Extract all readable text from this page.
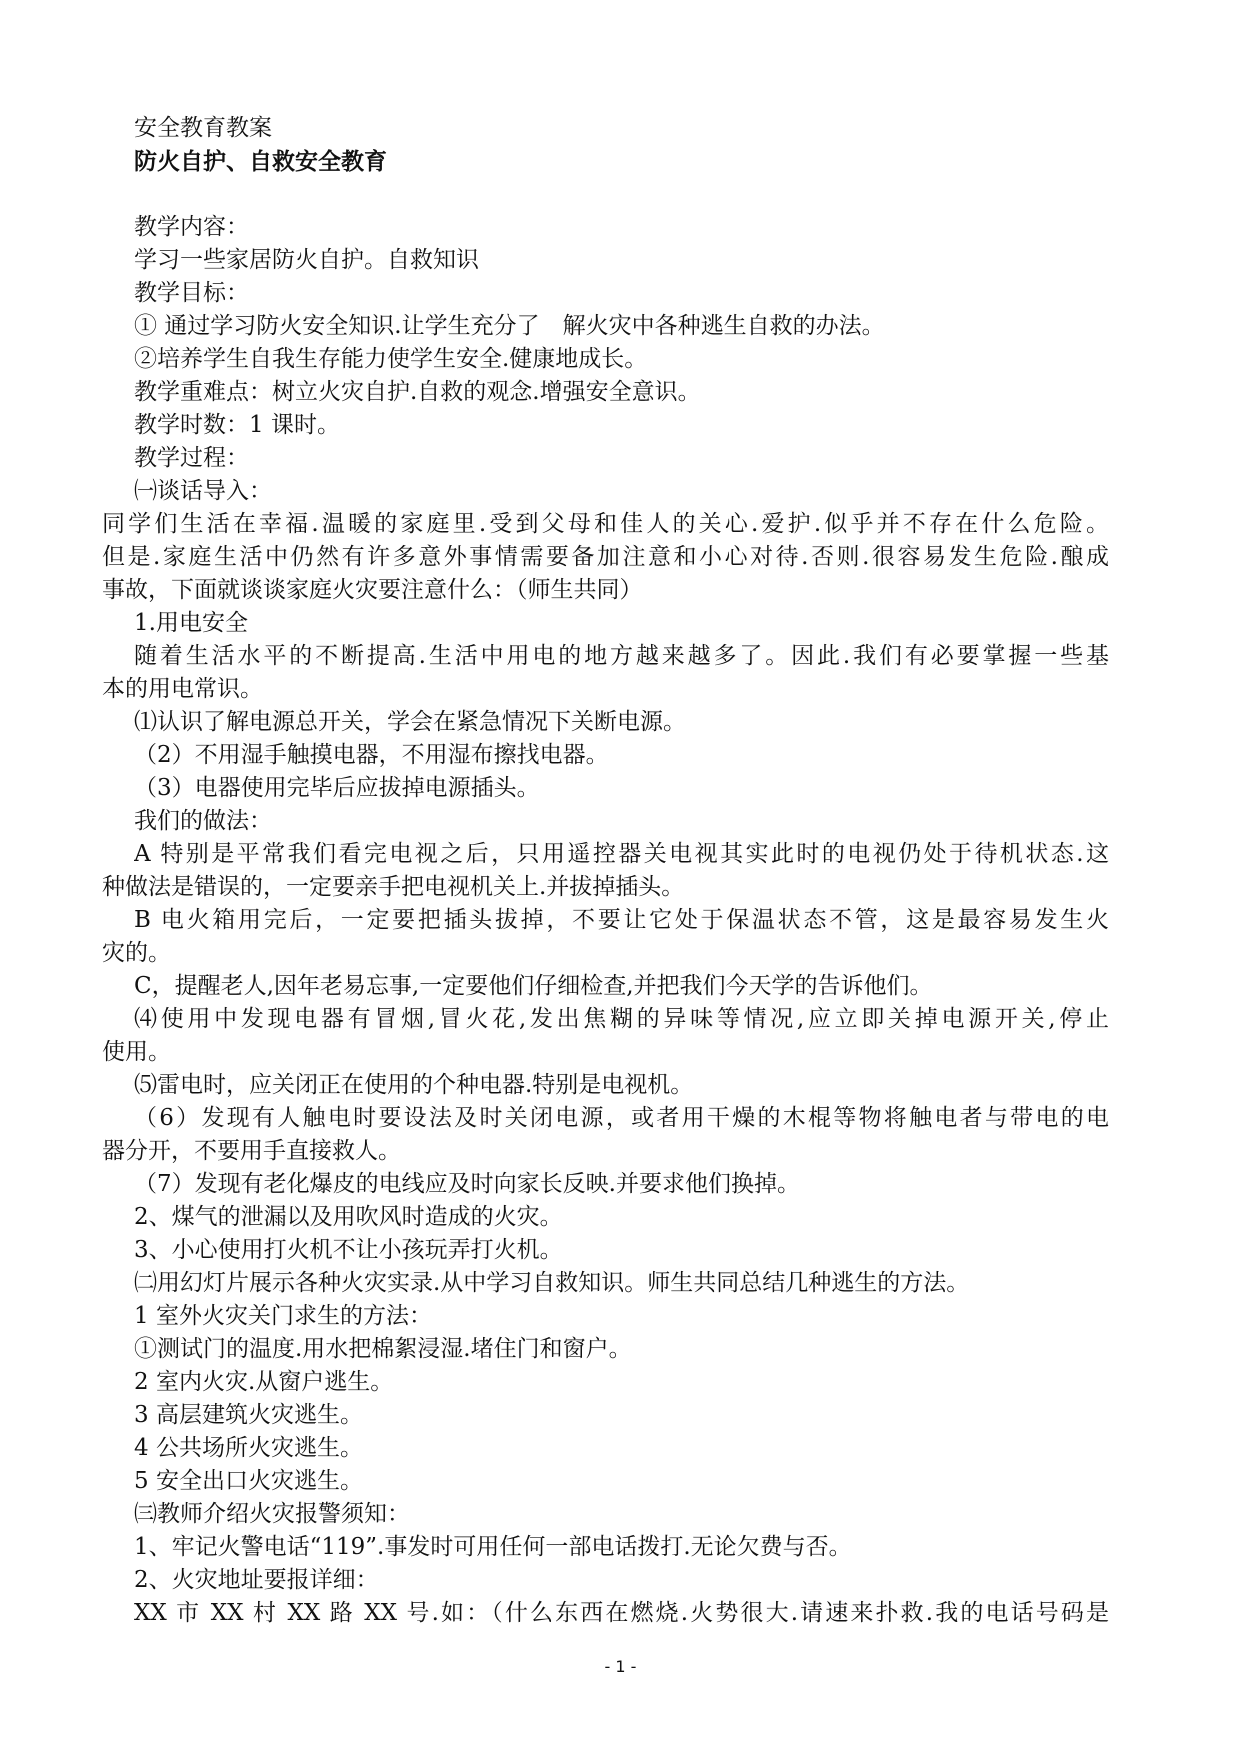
安全教育教案
防火自护、自救安全教育
教学内容：
学习一些家居防火自护。自救知识
教学目标：
① 通过学习防火安全知识.让学生充分了　解火灾中各种逃生自救的办法。
②培养学生自我生存能力使学生安全.健康地成长。
教学重难点：树立火灾自护.自救的观念.增强安全意识。
教学时数：1 课时。
教学过程：
㈠谈话导入：
同学们生活在幸福.温暖的家庭里.受到父母和佳人的关心.爱护.似乎并不存在什么危险。
但是.家庭生活中仍然有许多意外事情需要备加注意和小心对待.否则.很容易发生危险.酿成
事故，下面就谈谈家庭火灾要注意什么：（师生共同）
1.用电安全
随着生活水平的不断提高.生活中用电的地方越来越多了。因此.我们有必要掌握一些基
本的用电常识。
⑴认识了解电源总开关，学会在紧急情况下关断电源。
（2）不用湿手触摸电器，不用湿布擦找电器。
（3）电器使用完毕后应拔掉电源插头。
我们的做法：
A 特别是平常我们看完电视之后，只用遥控器关电视其实此时的电视仍处于待机状态.这
种做法是错误的，一定要亲手把电视机关上.并拔掉插头。
B 电火箱用完后，一定要把插头拔掉，不要让它处于保温状态不管，这是最容易发生火
灾的。
C，提醒老人,因年老易忘事,一定要他们仔细检查,并把我们今天学的告诉他们。
⑷使用中发现电器有冒烟,冒火花,发出焦糊的异味等情况,应立即关掉电源开关,停止
使用。
⑸雷电时，应关闭正在使用的个种电器.特别是电视机。
（6）发现有人触电时要设法及时关闭电源，或者用干燥的木棍等物将触电者与带电的电
器分开，不要用手直接救人。
（7）发现有老化爆皮的电线应及时向家长反映.并要求他们换掉。
2、煤气的泄漏以及用吹风时造成的火灾。
3、小心使用打火机不让小孩玩弄打火机。
㈡用幻灯片展示各种火灾实录.从中学习自救知识。师生共同总结几种逃生的方法。
1 室外火灾关门求生的方法：
①测试门的温度.用水把棉絮浸湿.堵住门和窗户。
2 室内火灾.从窗户逃生。
3 高层建筑火灾逃生。
4 公共场所火灾逃生。
5 安全出口火灾逃生。
㈢教师介绍火灾报警须知：
1、牢记火警电话“119”.事发时可用任何一部电话拨打.无论欠费与否。
2、火灾地址要报详细：
XX 市 XX 村 XX 路 XX 号.如：（什么东西在燃烧.火势很大.请速来扑救.我的电话号码是
- 1 -
